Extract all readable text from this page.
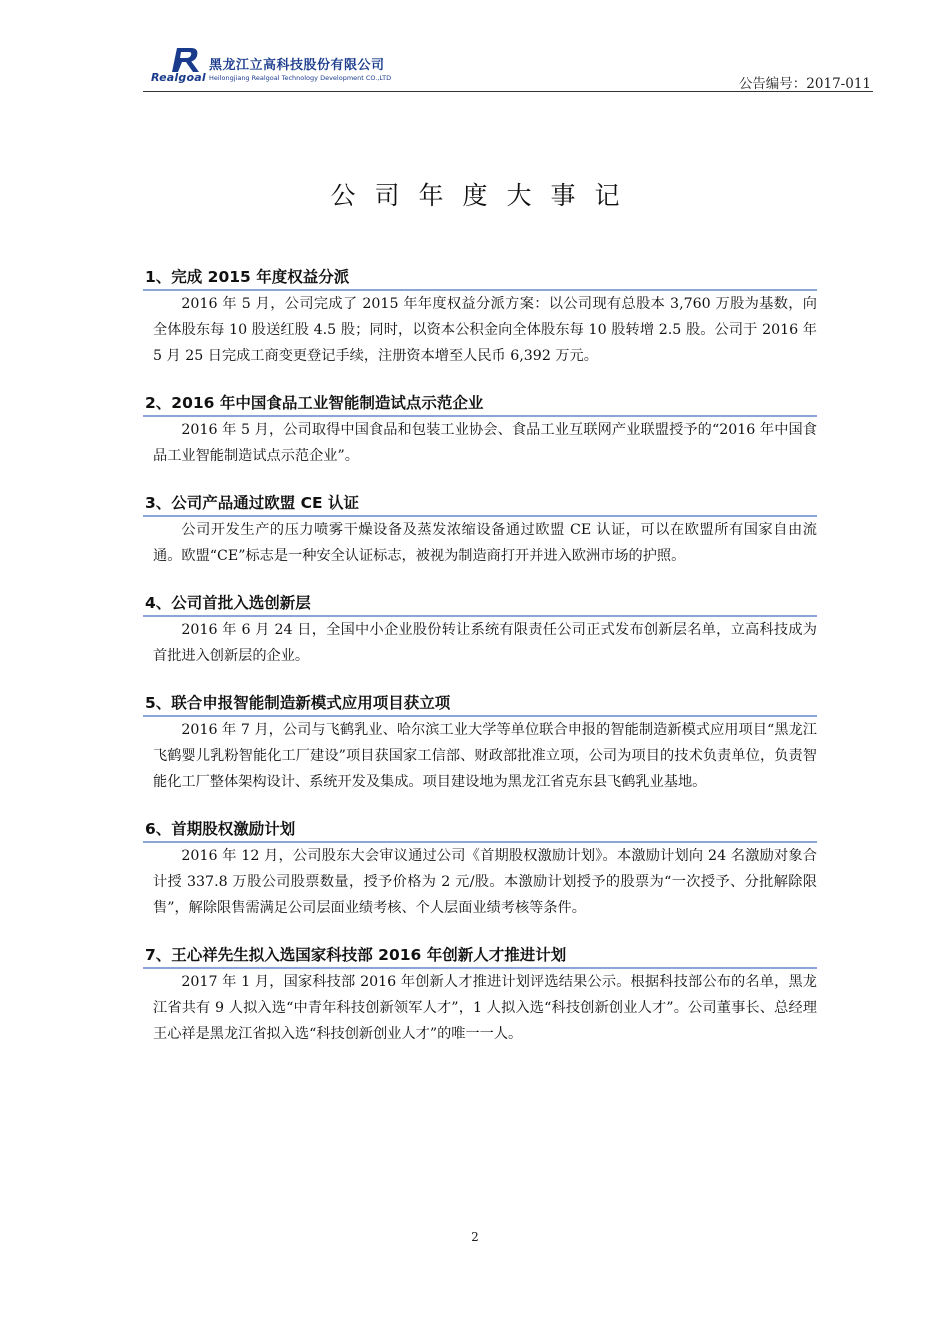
Realgoal
黑龙江立高科技股份有限公司
Heilongjiang Realgoal Technology Development CO.,LTD	公告编号：2017-011
公司年度大事记
1、完成 2015 年度权益分派
2016 年 5 月，公司完成了 2015 年年度权益分派方案：以公司现有总股本 3,760 万股为基数，向全体股东每 10 股送红股 4.5 股；同时，以资本公积金向全体股东每 10 股转增 2.5 股。公司于 2016 年 5 月 25 日完成工商变更登记手续，注册资本增至人民币 6,392 万元。
2、2016 年中国食品工业智能制造试点示范企业
2016 年 5 月，公司取得中国食品和包装工业协会、食品工业互联网产业联盟授予的“2016 年中国食品工业智能制造试点示范企业”。
3、公司产品通过欧盟 CE 认证
公司开发生产的压力喷雾干燥设备及蒸发浓缩设备通过欧盟 CE 认证，可以在欧盟所有国家自由流通。欧盟“CE”标志是一种安全认证标志，被视为制造商打开并进入欧洲市场的护照。
4、公司首批入选创新层
2016 年 6 月 24 日，全国中小企业股份转让系统有限责任公司正式发布创新层名单，立高科技成为首批进入创新层的企业。
5、联合申报智能制造新模式应用项目获立项
2016 年 7 月，公司与飞鹤乳业、哈尔滨工业大学等单位联合申报的智能制造新模式应用项目“黑龙江飞鹤婴儿乳粉智能化工厂建设”项目获国家工信部、财政部批准立项，公司为项目的技术负责单位，负责智能化工厂整体架构设计、系统开发及集成。项目建设地为黑龙江省克东县飞鹤乳业基地。
6、首期股权激励计划
2016 年 12 月，公司股东大会审议通过公司《首期股权激励计划》。本激励计划向 24 名激励对象合计授 337.8 万股公司股票数量，授予价格为 2 元/股。本激励计划授予的股票为“一次授予、分批解除限售”，解除限售需满足公司层面业绩考核、个人层面业绩考核等条件。
7、王心祥先生拟入选国家科技部 2016 年创新人才推进计划
2017 年 1 月，国家科技部 2016 年创新人才推进计划评选结果公示。根据科技部公布的名单，黑龙江省共有 9 人拟入选“中青年科技创新领军人才”，1 人拟入选“科技创新创业人才”。公司董事长、总经理王心祥是黑龙江省拟入选“科技创新创业人才”的唯一一人。
2
